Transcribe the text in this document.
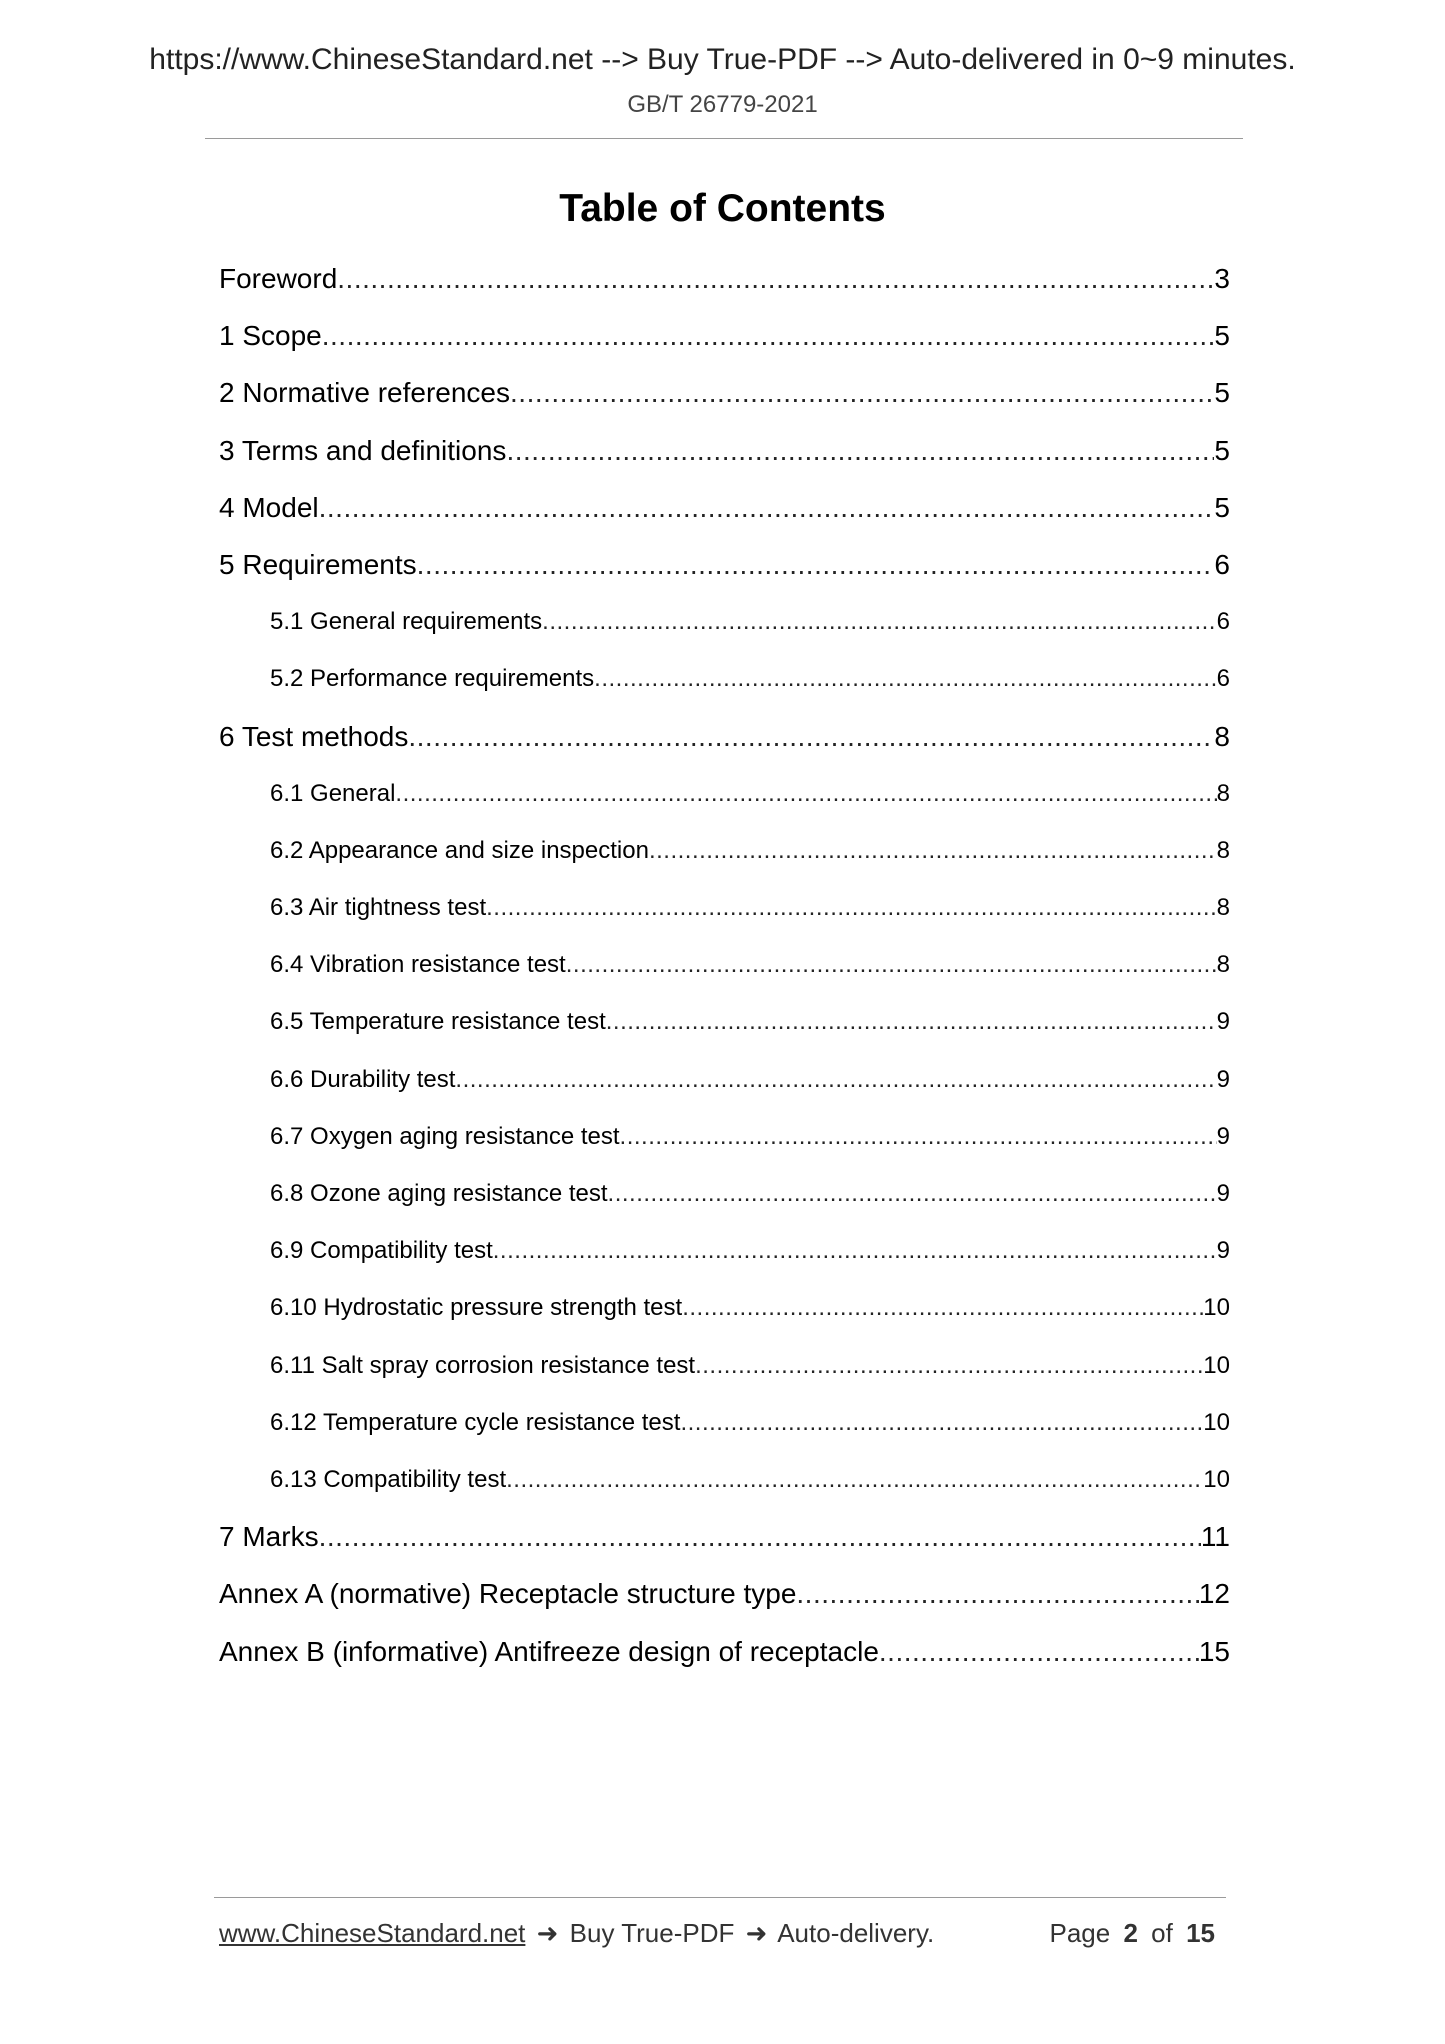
https://www.ChineseStandard.net --> Buy True-PDF --> Auto-delivered in 0~9 minutes.
GB/T 26779-2021
Table of Contents
Foreword .....	3
1 Scope .....	5
2 Normative references .....	5
3 Terms and definitions .....	5
4 Model .....	5
5 Requirements .....	6
5.1 General requirements .....	6
5.2 Performance requirements .....	6
6 Test methods .....	8
6.1 General .....	8
6.2 Appearance and size inspection .....	8
6.3 Air tightness test .....	8
6.4 Vibration resistance test .....	8
6.5 Temperature resistance test .....	9
6.6 Durability test .....	9
6.7 Oxygen aging resistance test .....	9
6.8 Ozone aging resistance test .....	9
6.9 Compatibility test .....	9
6.10 Hydrostatic pressure strength test .....	10
6.11 Salt spray corrosion resistance test .....	10
6.12 Temperature cycle resistance test .....	10
6.13 Compatibility test .....	10
7 Marks .....	11
Annex A (normative) Receptacle structure type .....	12
Annex B (informative) Antifreeze design of receptacle .....	15
www.ChineseStandard.net ➜ Buy True-PDF ➜ Auto-delivery.	Page 2 of 15
